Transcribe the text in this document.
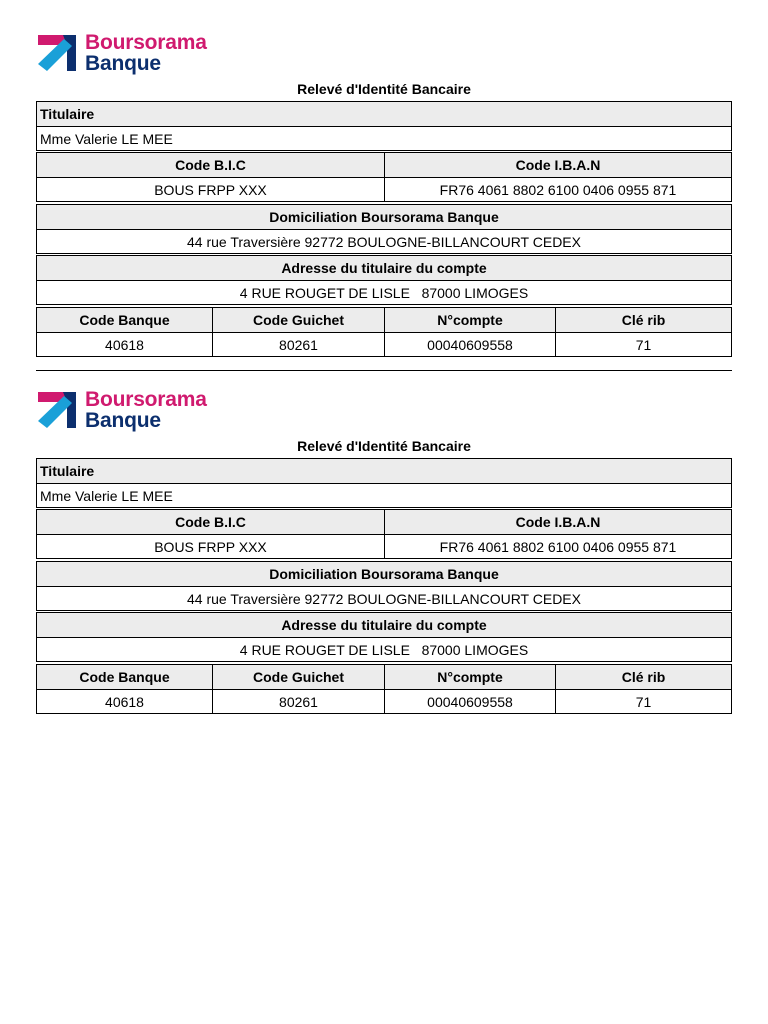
Boursorama
Banque
Relevé d'Identité Bancaire
Titulaire
Mme Valerie LE MEE
Code B.I.C	Code I.B.A.N
BOUS FRPP XXX	FR76 4061 8802 6100 0406 0955 871
Domiciliation Boursorama Banque
44 rue Traversière 92772 BOULOGNE-BILLANCOURT CEDEX
Adresse du titulaire du compte
4 RUE ROUGET DE LISLE   87000 LIMOGES
Code Banque	Code Guichet	N°compte	Clé rib
40618	80261	00040609558	71
Boursorama
Banque
Relevé d'Identité Bancaire
Titulaire
Mme Valerie LE MEE
Code B.I.C	Code I.B.A.N
BOUS FRPP XXX	FR76 4061 8802 6100 0406 0955 871
Domiciliation Boursorama Banque
44 rue Traversière 92772 BOULOGNE-BILLANCOURT CEDEX
Adresse du titulaire du compte
4 RUE ROUGET DE LISLE   87000 LIMOGES
Code Banque	Code Guichet	N°compte	Clé rib
40618	80261	00040609558	71
